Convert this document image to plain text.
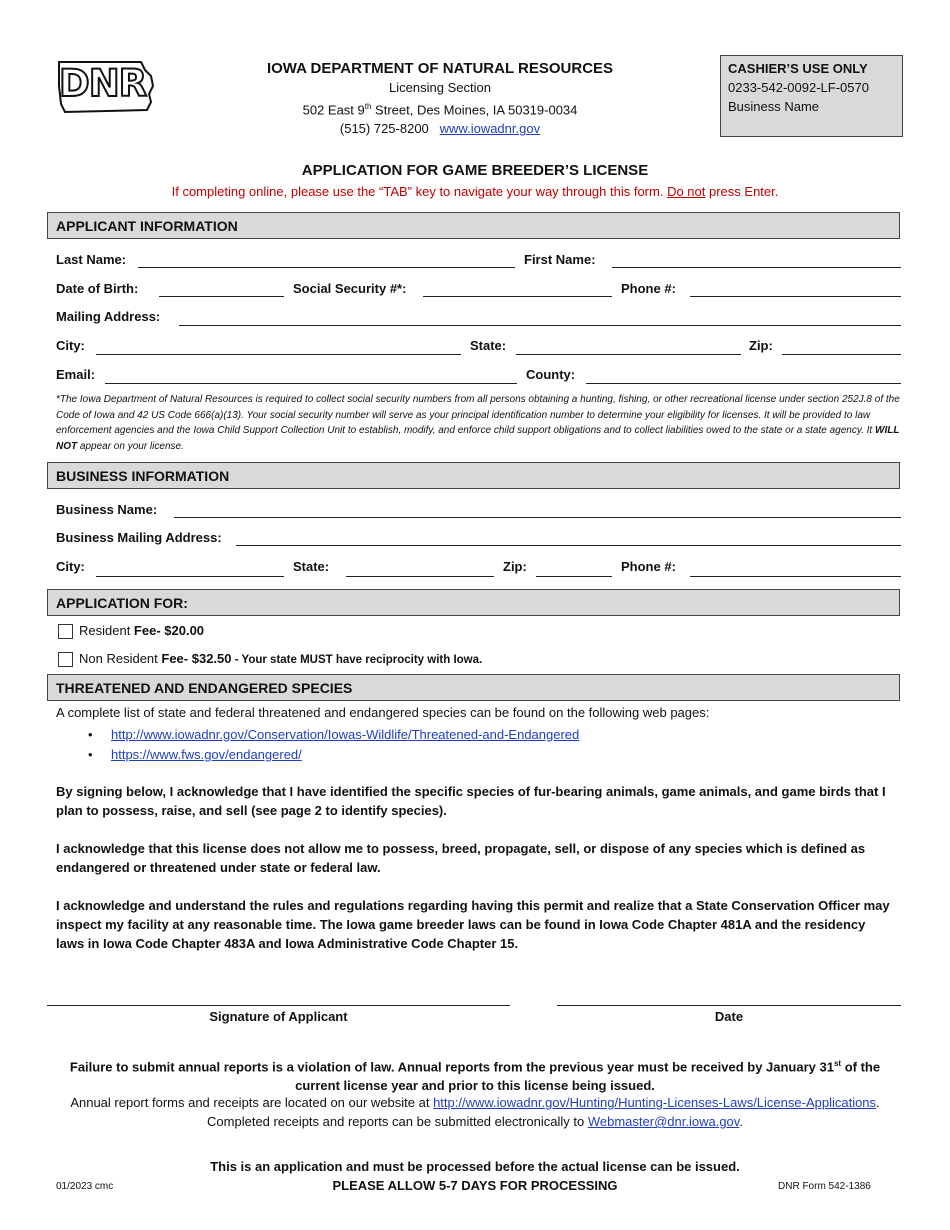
DNR	IOWA DEPARTMENT OF NATURAL RESOURCES
Licensing Section
502 East 9th Street, Des Moines, IA 50319-0034
(515) 725-8200 www.iowadnr.gov
CASHIER’S USE ONLY
0233-542-0092-LF-0570
Business Name
APPLICATION FOR GAME BREEDER’S LICENSE
If completing online, please use the “TAB” key to navigate your way through this form. Do not press Enter.
APPLICANT INFORMATION
Last Name:	First Name:
Date of Birth:	Social Security #*:	Phone #:
Mailing Address:
City:	State:	Zip:
Email:	County:
*The Iowa Department of Natural Resources is required to collect social security numbers from all persons obtaining a hunting, fishing, or other recreational license under section 252J.8 of the Code of Iowa and 42 US Code 666(a)(13). Your social security number will serve as your principal identification number to determine your eligibility for licenses. It will be provided to law enforcement agencies and the Iowa Child Support Collection Unit to establish, modify, and enforce child support obligations and to collect liabilities owed to the state or a state agency. It WILL NOT appear on your license.
BUSINESS INFORMATION
Business Name:
Business Mailing Address:
City:	State:	Zip:	Phone #:
APPLICATION FOR:
Resident Fee- $20.00
Non Resident Fee- $32.50 - Your state MUST have reciprocity with Iowa.
THREATENED AND ENDANGERED SPECIES
A complete list of state and federal threatened and endangered species can be found on the following web pages:
• http://www.iowadnr.gov/Conservation/Iowas-Wildlife/Threatened-and-Endangered
• https://www.fws.gov/endangered/
By signing below, I acknowledge that I have identified the specific species of fur-bearing animals, game animals, and game birds that I plan to possess, raise, and sell (see page 2 to identify species).
I acknowledge that this license does not allow me to possess, breed, propagate, sell, or dispose of any species which is defined as endangered or threatened under state or federal law.
I acknowledge and understand the rules and regulations regarding having this permit and realize that a State Conservation Officer may inspect my facility at any reasonable time. The Iowa game breeder laws can be found in Iowa Code Chapter 481A and the residency laws in Iowa Code Chapter 483A and Iowa Administrative Code Chapter 15.
Signature of Applicant	Date
Failure to submit annual reports is a violation of law. Annual reports from the previous year must be received by January 31st of the current license year and prior to this license being issued.
Annual report forms and receipts are located on our website at http://www.iowadnr.gov/Hunting/Hunting-Licenses-Laws/License-Applications. Completed receipts and reports can be submitted electronically to Webmaster@dnr.iowa.gov.
This is an application and must be processed before the actual license can be issued.
01/2023 cmc	PLEASE ALLOW 5-7 DAYS FOR PROCESSING	DNR Form 542-1386
